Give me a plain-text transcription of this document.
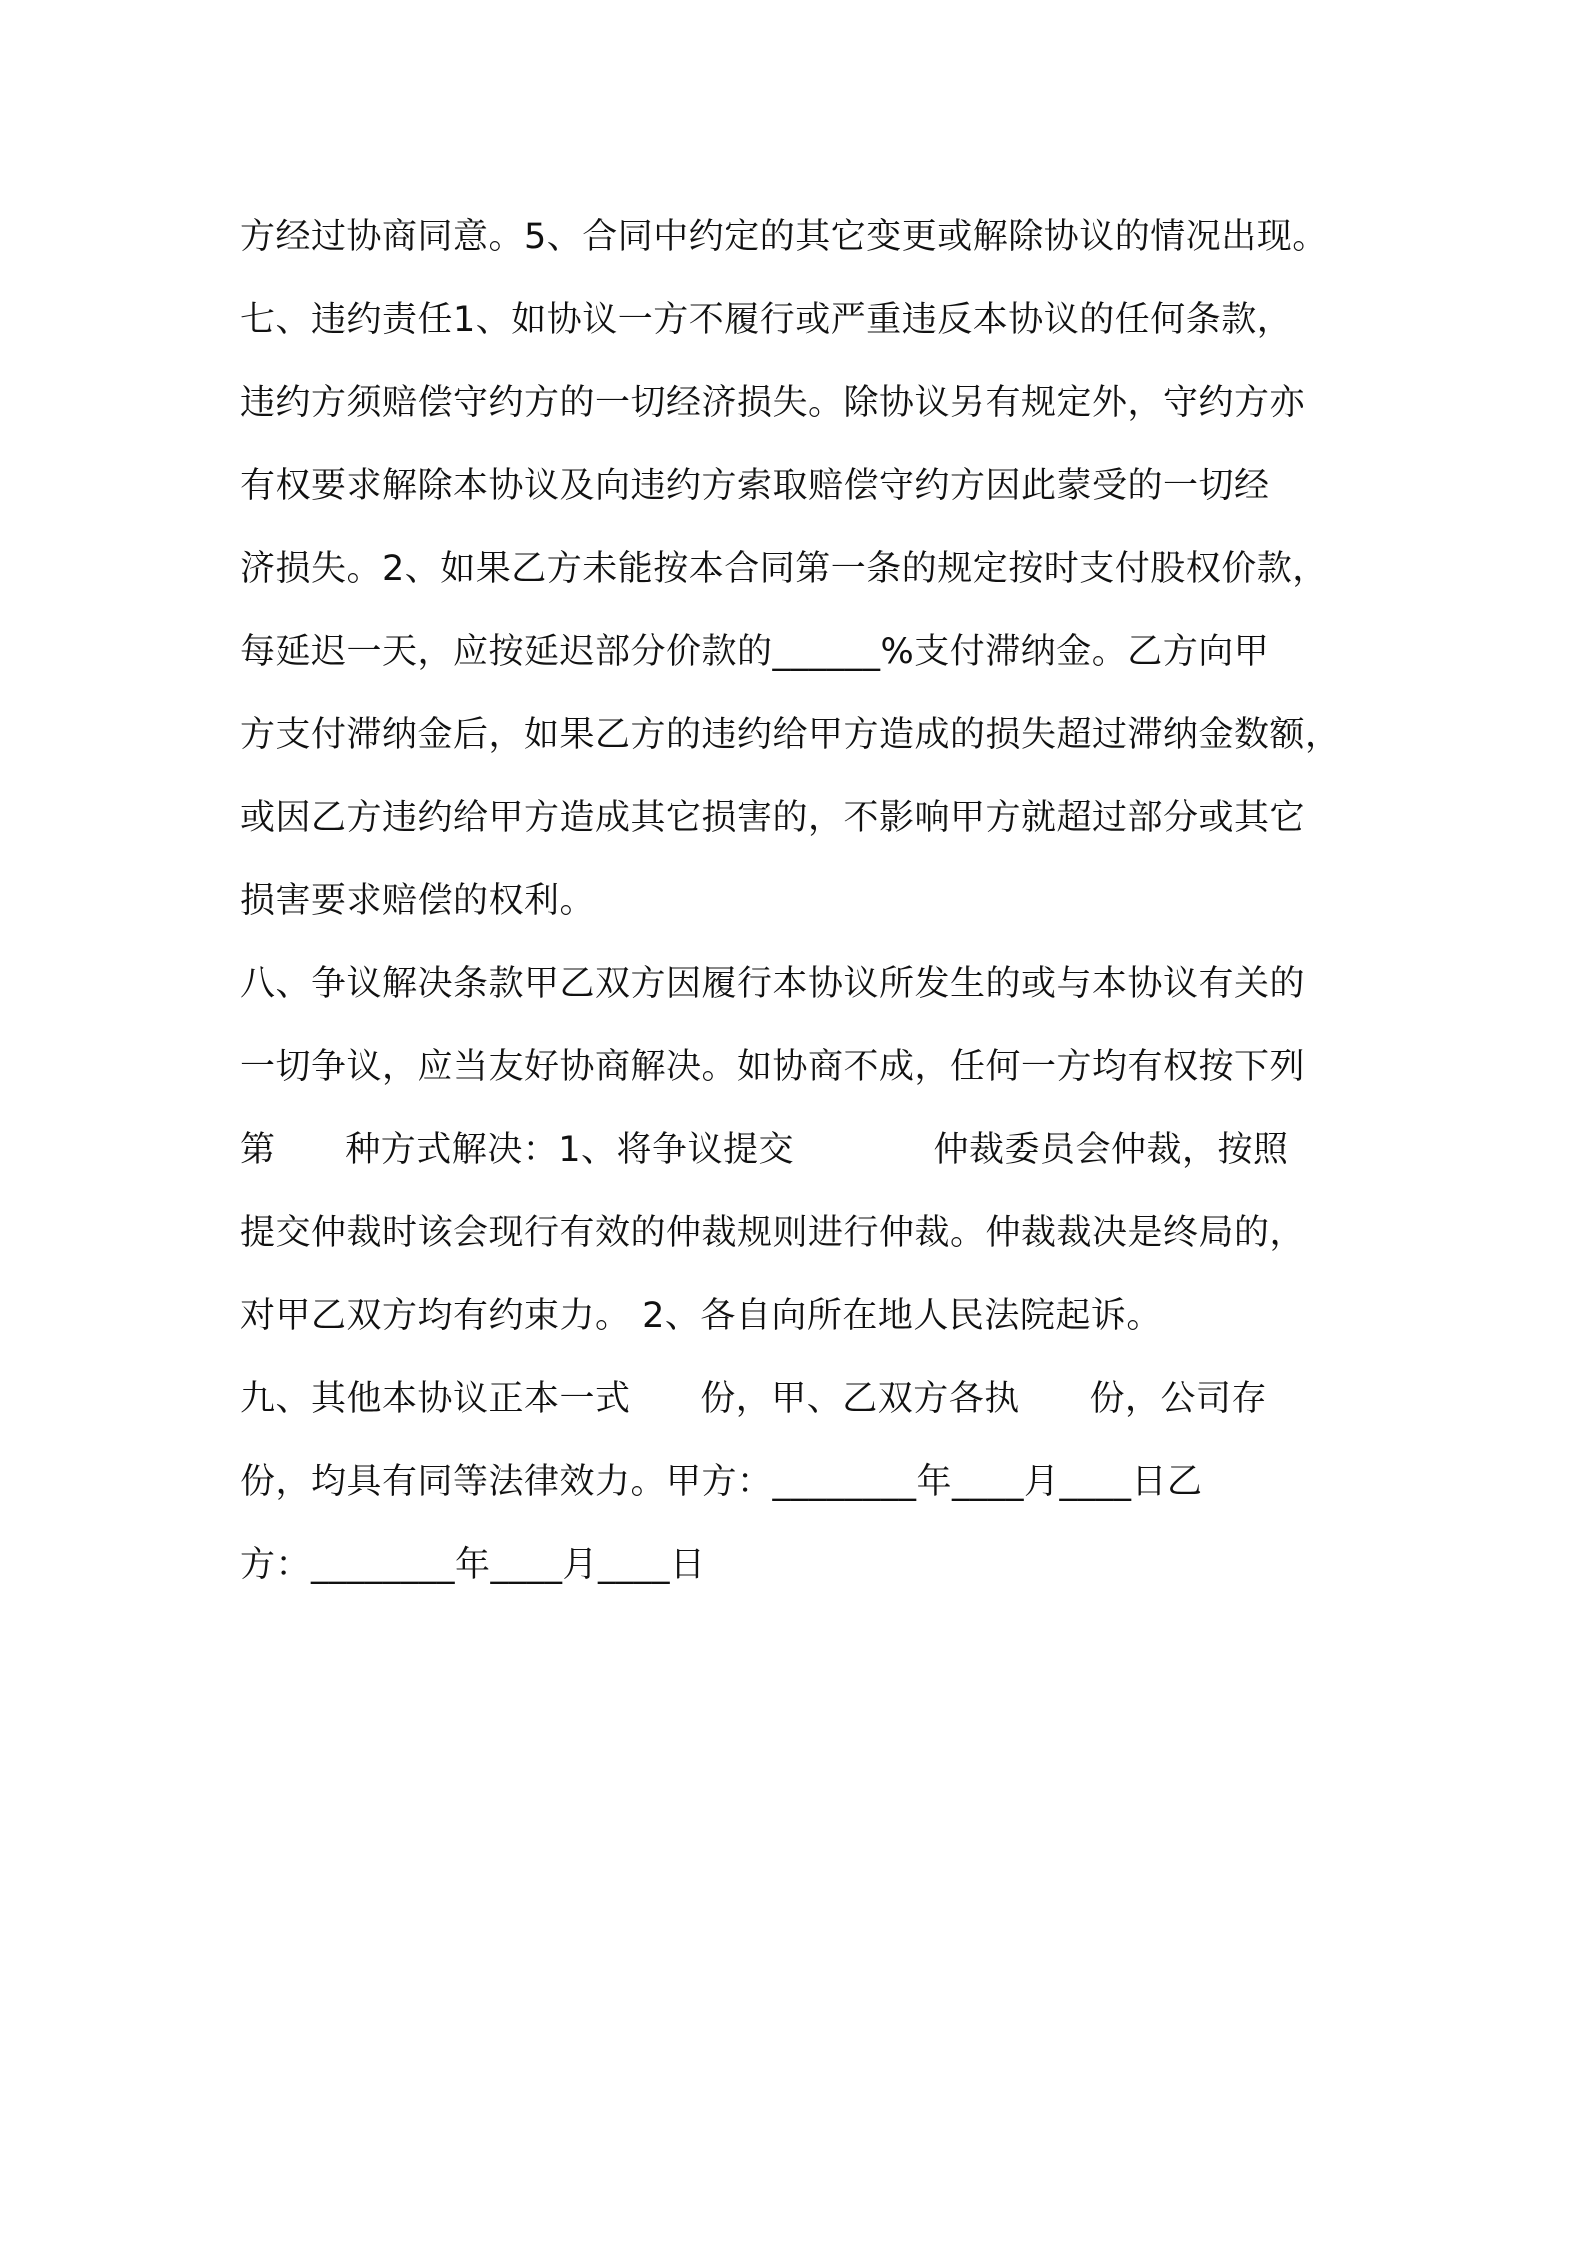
方经过协商同意。5、合同中约定的其它变更或解除协议的情况出现。
七、违约责任1、如协议一方不履行或严重违反本协议的任何条款，
违约方须赔偿守约方的一切经济损失。除协议另有规定外，守约方亦
有权要求解除本协议及向违约方索取赔偿守约方因此蒙受的一切经
济损失。2、如果乙方未能按本合同第一条的规定按时支付股权价款，
每延迟一天，应按延迟部分价款的______%支付滞纳金。乙方向甲
方支付滞纳金后，如果乙方的违约给甲方造成的损失超过滞纳金数额，
或因乙方违约给甲方造成其它损害的，不影响甲方就超过部分或其它
损害要求赔偿的权利。
八、争议解决条款甲乙双方因履行本协议所发生的或与本协议有关的
一切争议，应当友好协商解决。如协商不成，任何一方均有权按下列
第      种方式解决：1、将争议提交            仲裁委员会仲裁，按照
提交仲裁时该会现行有效的仲裁规则进行仲裁。仲裁裁决是终局的，
对甲乙双方均有约束力。 2、各自向所在地人民法院起诉。
九、其他本协议正本一式      份，甲、乙双方各执      份，公司存
份，均具有同等法律效力。甲方：________年____月____日乙
方：________年____月____日
